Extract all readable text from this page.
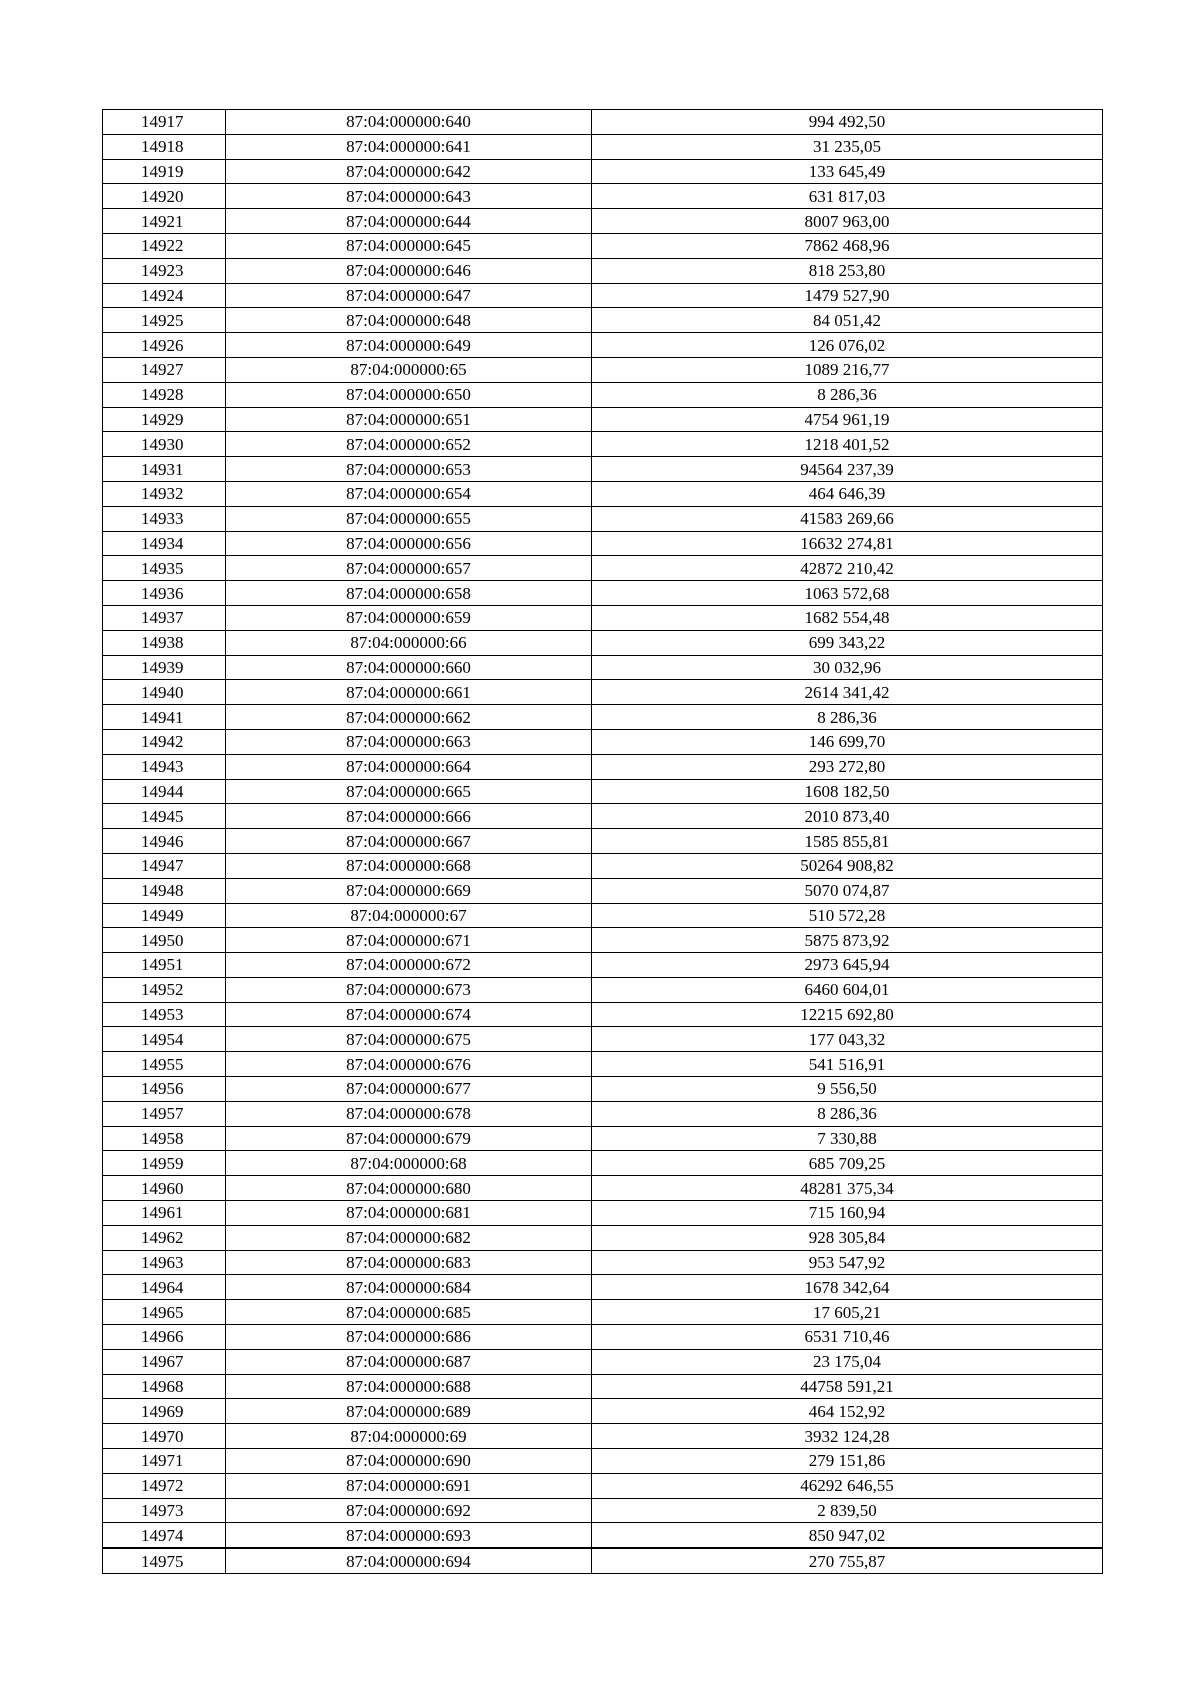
14917	87:04:000000:640	994 492,50
14918	87:04:000000:641	31 235,05
14919	87:04:000000:642	133 645,49
14920	87:04:000000:643	631 817,03
14921	87:04:000000:644	8007 963,00
14922	87:04:000000:645	7862 468,96
14923	87:04:000000:646	818 253,80
14924	87:04:000000:647	1479 527,90
14925	87:04:000000:648	84 051,42
14926	87:04:000000:649	126 076,02
14927	87:04:000000:65	1089 216,77
14928	87:04:000000:650	8 286,36
14929	87:04:000000:651	4754 961,19
14930	87:04:000000:652	1218 401,52
14931	87:04:000000:653	94564 237,39
14932	87:04:000000:654	464 646,39
14933	87:04:000000:655	41583 269,66
14934	87:04:000000:656	16632 274,81
14935	87:04:000000:657	42872 210,42
14936	87:04:000000:658	1063 572,68
14937	87:04:000000:659	1682 554,48
14938	87:04:000000:66	699 343,22
14939	87:04:000000:660	30 032,96
14940	87:04:000000:661	2614 341,42
14941	87:04:000000:662	8 286,36
14942	87:04:000000:663	146 699,70
14943	87:04:000000:664	293 272,80
14944	87:04:000000:665	1608 182,50
14945	87:04:000000:666	2010 873,40
14946	87:04:000000:667	1585 855,81
14947	87:04:000000:668	50264 908,82
14948	87:04:000000:669	5070 074,87
14949	87:04:000000:67	510 572,28
14950	87:04:000000:671	5875 873,92
14951	87:04:000000:672	2973 645,94
14952	87:04:000000:673	6460 604,01
14953	87:04:000000:674	12215 692,80
14954	87:04:000000:675	177 043,32
14955	87:04:000000:676	541 516,91
14956	87:04:000000:677	9 556,50
14957	87:04:000000:678	8 286,36
14958	87:04:000000:679	7 330,88
14959	87:04:000000:68	685 709,25
14960	87:04:000000:680	48281 375,34
14961	87:04:000000:681	715 160,94
14962	87:04:000000:682	928 305,84
14963	87:04:000000:683	953 547,92
14964	87:04:000000:684	1678 342,64
14965	87:04:000000:685	17 605,21
14966	87:04:000000:686	6531 710,46
14967	87:04:000000:687	23 175,04
14968	87:04:000000:688	44758 591,21
14969	87:04:000000:689	464 152,92
14970	87:04:000000:69	3932 124,28
14971	87:04:000000:690	279 151,86
14972	87:04:000000:691	46292 646,55
14973	87:04:000000:692	2 839,50
14974	87:04:000000:693	850 947,02
14975	87:04:000000:694	270 755,87
